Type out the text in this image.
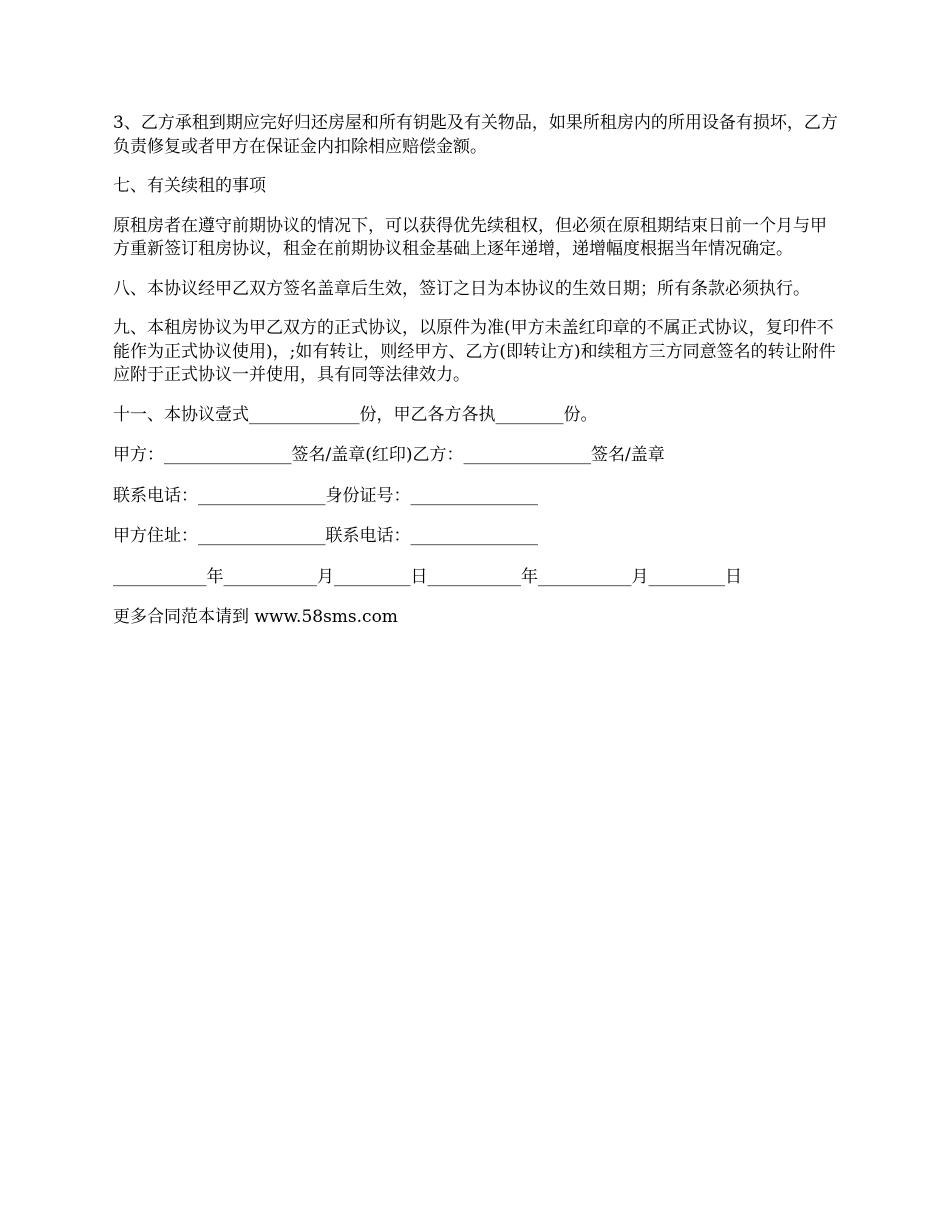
3、乙方承租到期应完好归还房屋和所有钥匙及有关物品，如果所租房内的所用设备有损坏，乙方负责修复或者甲方在保证金内扣除相应赔偿金额。

七、有关续租的事项

原租房者在遵守前期协议的情况下，可以获得优先续租权，但必须在原租期结束日前一个月与甲方重新签订租房协议，租金在前期协议租金基础上逐年递增，递增幅度根据当年情况确定。

八、本协议经甲乙双方签名盖章后生效，签订之日为本协议的生效日期；所有条款必须执行。

九、本租房协议为甲乙双方的正式协议，以原件为准(甲方未盖红印章的不属正式协议，复印件不能作为正式协议使用)，;如有转让，则经甲方、乙方(即转让方)和续租方三方同意签名的转让附件应附于正式协议一并使用，具有同等法律效力。

十一、本协议壹式_____________份，甲乙各方各执________份。

甲方：_______________签名/盖章(红印)乙方：_______________签名/盖章

联系电话：_______________身份证号：_______________

甲方住址：_______________联系电话：_______________

___________年___________月_________日___________年___________月_________日

更多合同范本请到 www.58sms.com
